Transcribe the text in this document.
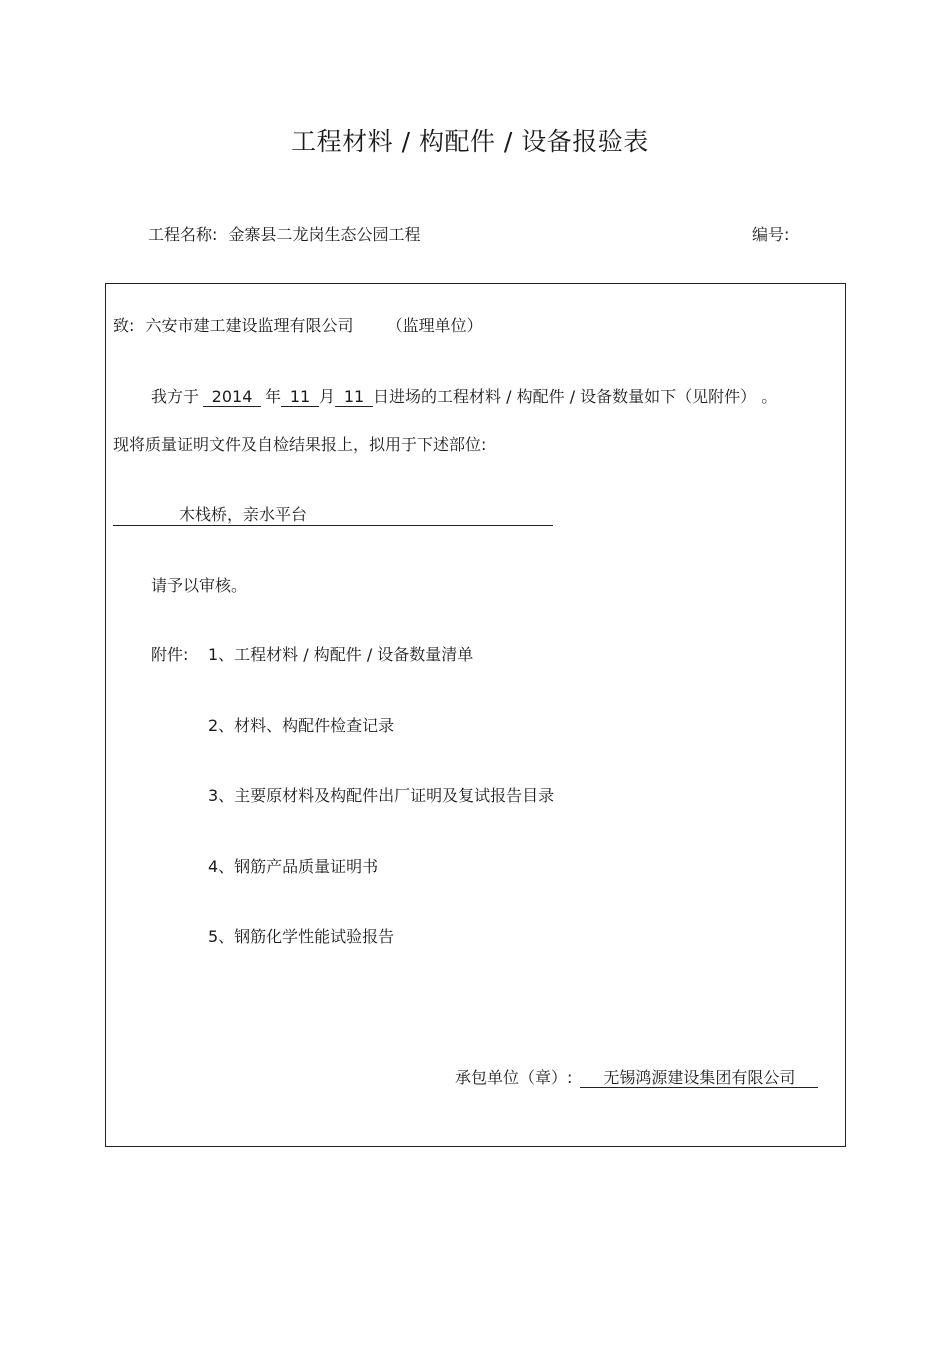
工程材料 / 构配件 / 设备报验表
工程名称: 金寨县二龙岗生态公园工程	编号:
致: 六安市建工建设监理有限公司 （监理单位）
我方于 2014 年 11 月 11 日进场的工程材料 / 构配件 / 设备数量如下（见附件） 。
现将质量证明文件及自检结果报上，拟用于下述部位:
木栈桥，亲水平台
请予以审核。
附件: 1、工程材料 / 构配件 / 设备数量清单
2、材料、构配件检查记录
3、主要原材料及构配件出厂证明及复试报告目录
4、钢筋产品质量证明书
5、钢筋化学性能试验报告
承包单位（章）: 无锡鸿源建设集团有限公司
